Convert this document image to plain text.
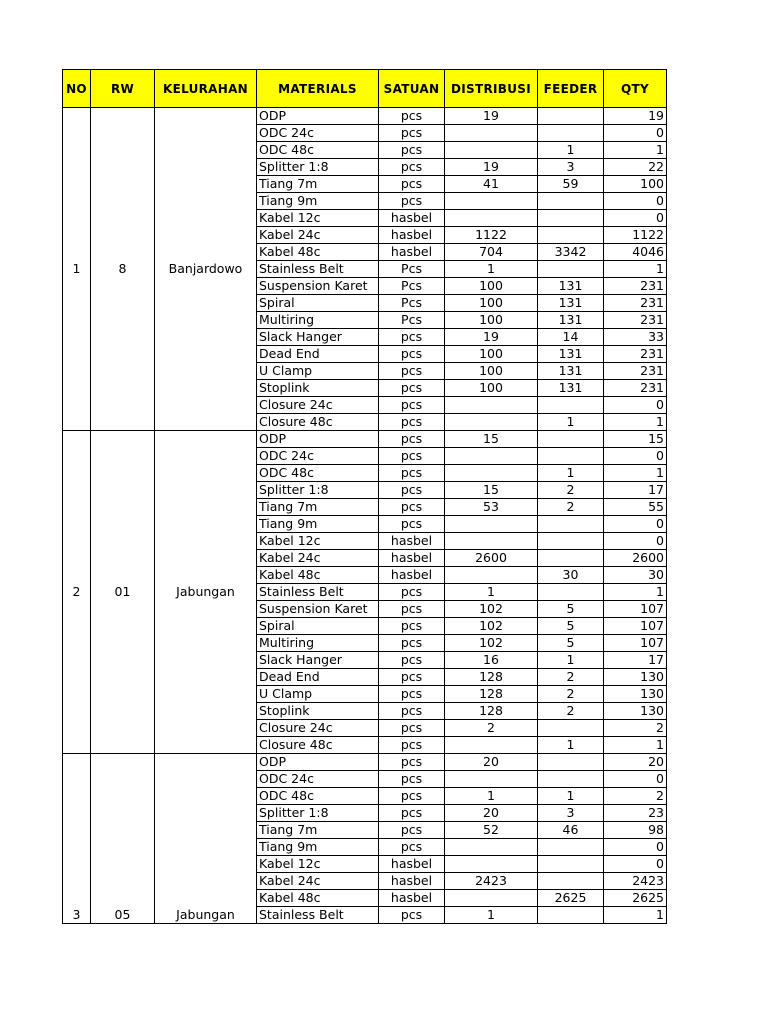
NO	RW	KELURAHAN	MATERIALS	SATUAN	DISTRIBUSI	FEEDER	QTY
1	8	Banjardowo	ODP	pcs	19		19
			ODC 24c	pcs			0
			ODC 48c	pcs		1	1
			Splitter 1:8	pcs	19	3	22
			Tiang 7m	pcs	41	59	100
			Tiang 9m	pcs			0
			Kabel 12c	hasbel			0
			Kabel 24c	hasbel	1122		1122
			Kabel 48c	hasbel	704	3342	4046
			Stainless Belt	Pcs	1		1
			Suspension Karet	Pcs	100	131	231
			Spiral	Pcs	100	131	231
			Multiring	Pcs	100	131	231
			Slack Hanger	pcs	19	14	33
			Dead End	pcs	100	131	231
			U Clamp	pcs	100	131	231
			Stoplink	pcs	100	131	231
			Closure 24c	pcs			0
			Closure 48c	pcs		1	1
2	01	Jabungan	ODP	pcs	15		15
			ODC 24c	pcs			0
			ODC 48c	pcs		1	1
			Splitter 1:8	pcs	15	2	17
			Tiang 7m	pcs	53	2	55
			Tiang 9m	pcs			0
			Kabel 12c	hasbel			0
			Kabel 24c	hasbel	2600		2600
			Kabel 48c	hasbel		30	30
			Stainless Belt	pcs	1		1
			Suspension Karet	pcs	102	5	107
			Spiral	pcs	102	5	107
			Multiring	pcs	102	5	107
			Slack Hanger	pcs	16	1	17
			Dead End	pcs	128	2	130
			U Clamp	pcs	128	2	130
			Stoplink	pcs	128	2	130
			Closure 24c	pcs	2		2
			Closure 48c	pcs		1	1
3	05	Jabungan	ODP	pcs	20		20
			ODC 24c	pcs			0
			ODC 48c	pcs	1	1	2
			Splitter 1:8	pcs	20	3	23
			Tiang 7m	pcs	52	46	98
			Tiang 9m	pcs			0
			Kabel 12c	hasbel			0
			Kabel 24c	hasbel	2423		2423
			Kabel 48c	hasbel		2625	2625
			Stainless Belt	pcs	1		1
